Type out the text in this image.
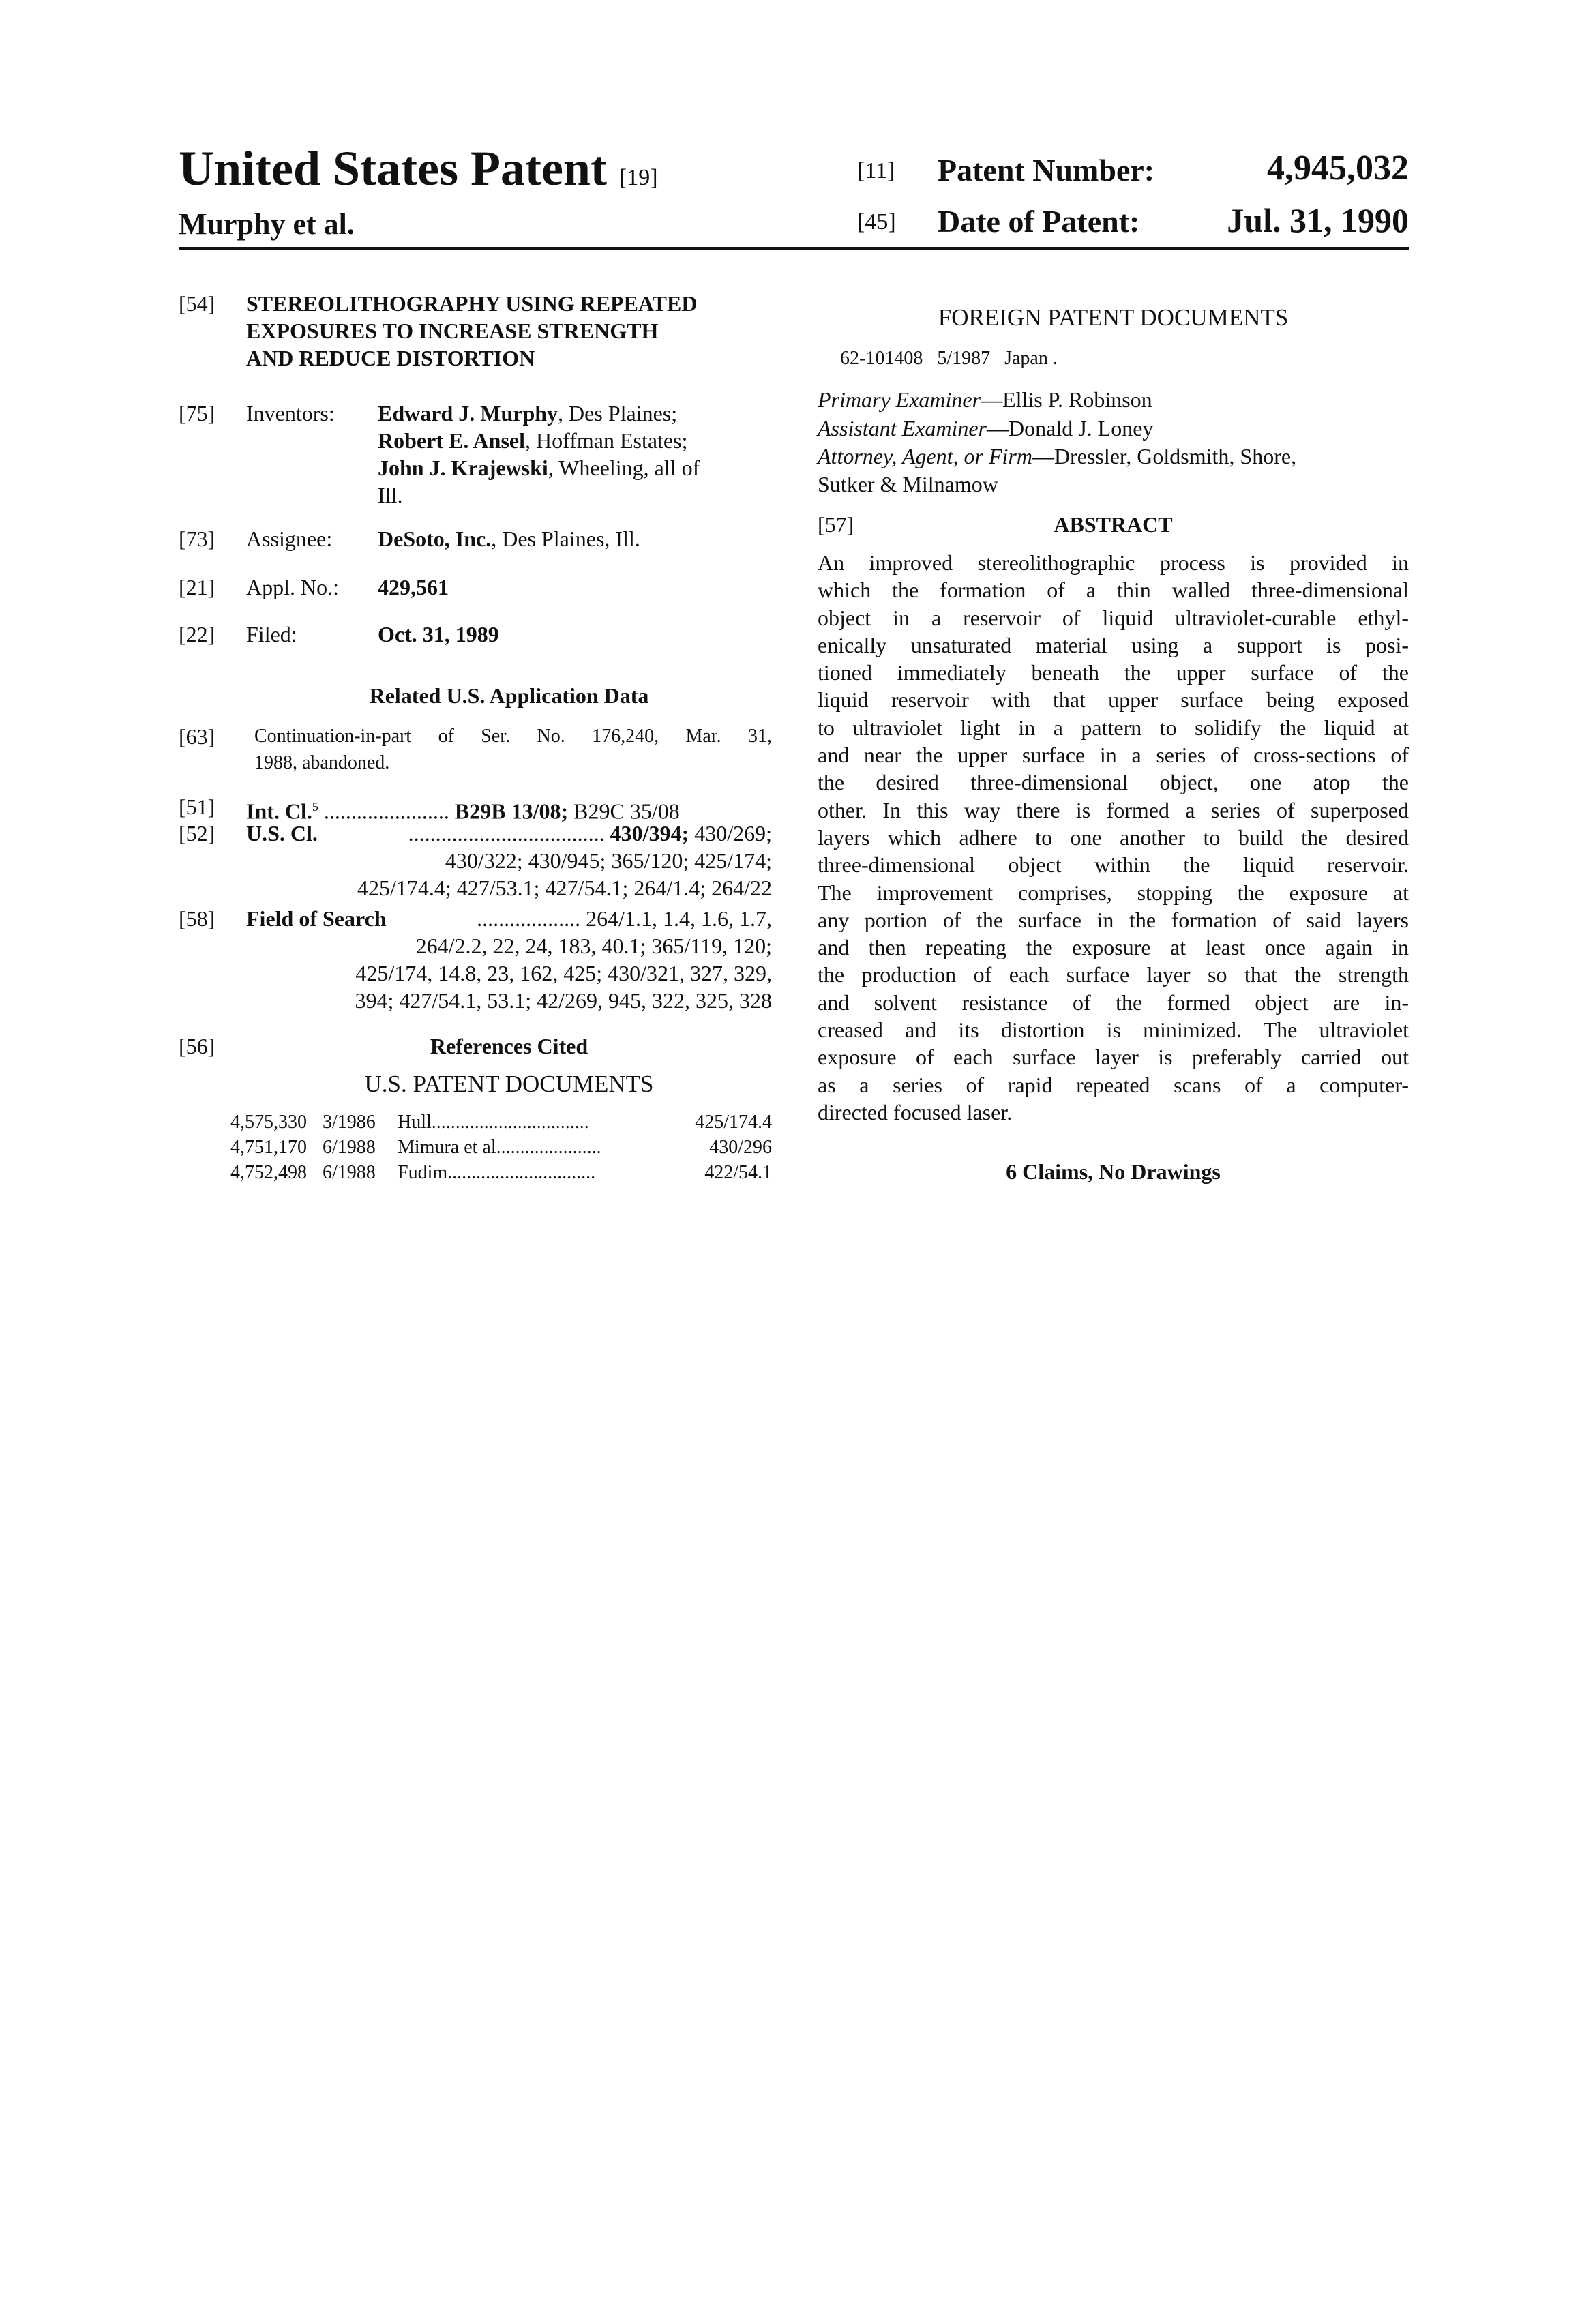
United States Patent [19]
Murphy et al.
[11] Patent Number:	4,945,032
[45] Date of Patent:	Jul. 31, 1990
[54] STEREOLITHOGRAPHY USING REPEATED
EXPOSURES TO INCREASE STRENGTH
AND REDUCE DISTORTION
[75] Inventors: Edward J. Murphy, Des Plaines;
Robert E. Ansel, Hoffman Estates;
John J. Krajewski, Wheeling, all of
Ill.
[73] Assignee: DeSoto, Inc., Des Plaines, Ill.
[21] Appl. No.: 429,561
[22] Filed:	Oct. 31, 1989
Related U.S. Application Data
[63] Continuation-in-part of Ser. No. 176,240, Mar. 31,
1988, abandoned.
[51] Int. Cl.5 ....................... B29B 13/08; B29C 35/08
[52] U.S. Cl.	.................................... 430/394; 430/269;
430/322; 430/945; 365/120; 425/174;
425/174.4; 427/53.1; 427/54.1; 264/1.4; 264/22
[58] Field of Search	................... 264/1.1, 1.4, 1.6, 1.7,
264/2.2, 22, 24, 183, 40.1; 365/119, 120;
425/174, 14.8, 23, 162, 425; 430/321, 327, 329,
394; 427/54.1, 53.1; 42/269, 945, 322, 325, 328
[56]	References Cited
U.S. PATENT DOCUMENTS
4,575,330 3/1986	Hull .................................	425/174.4
4,751,170 6/1988	Mimura et al. .....................	430/296
4,752,498 6/1988	Fudim ...............................	422/54.1
FOREIGN PATENT DOCUMENTS
62-101408 5/1987 Japan .
Primary Examiner—Ellis P. Robinson
Assistant Examiner—Donald J. Loney
Attorney, Agent, or Firm—Dressler, Goldsmith, Shore,
Sutker & Milnamow
[57]	ABSTRACT
An improved stereolithographic process is provided in
which the formation of a thin walled three-dimensional
object in a reservoir of liquid ultraviolet-curable ethyl-
enically unsaturated material using a support is posi-
tioned immediately beneath the upper surface of the
liquid reservoir with that upper surface being exposed
to ultraviolet light in a pattern to solidify the liquid at
and near the upper surface in a series of cross-sections of
the desired three-dimensional object, one atop the
other. In this way there is formed a series of superposed
layers which adhere to one another to build the desired
three-dimensional object within the liquid reservoir.
The improvement comprises, stopping the exposure at
any portion of the surface in the formation of said layers
and then repeating the exposure at least once again in
the production of each surface layer so that the strength
and solvent resistance of the formed object are in-
creased and its distortion is minimized. The ultraviolet
exposure of each surface layer is preferably carried out
as a series of rapid repeated scans of a computer-
directed focused laser.
6 Claims, No Drawings
